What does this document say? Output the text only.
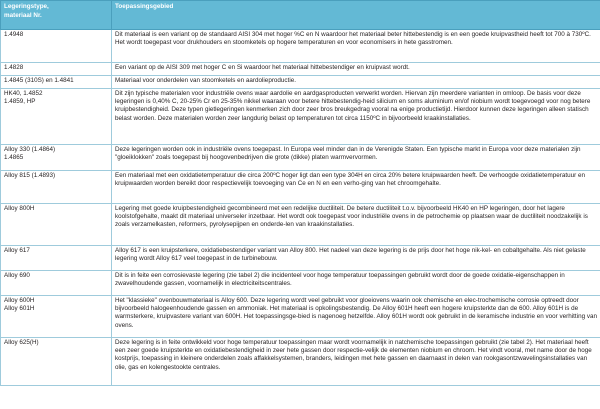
Legeringstype,
materiaal Nr.	Toepassingsgebied
1.4948	Dit materiaal is een variant op de standaard AISI 304 met hoger %C en N waardoor het materiaal beter hittebestendig is en een goede kruipvastheid heeft tot 700 à 730ºC. Het wordt toegepast voor drukhouders en stoomketels op hogere temperaturen en voor economisers in hete gasstromen.
1.4828	Een variant op de AISI 309 met hoger C en Si waardoor het materiaal hittebestendiger en kruipvast wordt.
1.4845 (310S) en 1.4841	Materiaal voor onderdelen van stoomketels en aardolieproductie.
HK40, 1.4852
1.4859, HP	Dit zijn typische materialen voor industriële ovens waar aardolie en aardgasproducten verwerkt worden. Hiervan zijn meerdere varianten in omloop. De basis voor deze legeringen is 0,40% C, 20-25% Cr en 25-35% nikkel waaraan voor betere hittebestendig-heid silicium en soms aluminium en/of niobium wordt toegevoegd voor nog betere kruipbestendigheid. Deze typen gietlegeringen kenmerken zich door zeer bros breukgedrag vooral na enige productietijd. Hierdoor kunnen deze legeringen alleen statisch belast worden. Deze materialen worden zeer langdurig belast op temperaturen tot circa 1150ºC in bijvoorbeeld kraakinstallaties.
Alloy 330 (1.4864)
1.4865	Deze legeringen worden ook in industriële ovens toegepast. In Europa veel minder dan in de Verenigde Staten. Een typische markt in Europa voor deze materialen zijn "gloeiklokken" zoals toegepast bij hoogovenbedrijven die grote (dikke) platen warmvervormen.
Alloy 815 (1.4893)	Een materiaal met een oxidatietemperatuur die circa 200ºC hoger ligt dan een type 304H en circa 20% betere kruipwaarden heeft. De verhoogde oxidatietemperatuur en kruipwaarden worden bereikt door respectievelijk toevoeging van Ce en N en een verho-ging van het chroomgehalte.
Alloy 800H	Legering met goede kruipbestendigheid gecombineerd met een redelijke ductiliteit. De betere ductiliteit t.o.v. bijvoorbeeld HK40 en HP legeringen, door het lagere koolstofgehalte, maakt dit materiaal universeler inzetbaar. Het wordt ook toegepast voor industriële ovens in de petrochemie op plaatsen waar de ductiliteit noodzakelijk is zoals verzamelkasten, reformers, pyrolysepijpen en onderde-len van kraakinstallaties.
Alloy 617	Alloy 617 is een kruipsterkere, oxidatiebestendiger variant van Alloy 800. Het nadeel van deze legering is de prijs door het hoge nik-kel- en cobaltgehalte. Als niet gelaste legering wordt Alloy 617 veel toegepast in de turbinebouw.
Alloy 690	Dit is in feite een corrosievaste legering (zie tabel 2) die incidenteel voor hoge temperatuur toepassingen gebruikt wordt door de goede oxidatie-eigenschappen in zwavelhoudende gassen, voornamelijk in electriciteitscentrales.
Alloy 600H
Alloy 601H	Het "klassieke" ovenbouwmateriaal is Alloy 600. Deze legering wordt veel gebruikt voor gloeiovens waarin ook chemische en elec-trochemische corrosie optreedt door bijvoorbeeld halogeenhoudende gassen en ammoniak. Het materiaal is opkolingsbestendig. De Alloy 601H heeft een hogere kruipsterkte dan de 600. Alloy 601H is de warmsterkere, kruipvastere variant van 600H. Het toepassingsge-bied is nagenoeg hetzelfde. Alloy 601H wordt ook gebruikt in de keramische industrie en voor verhitting van ovens.
Alloy 625(H)	Deze legering is in feite ontwikkeld voor hoge temperatuur toepassingen maar wordt voornamelijk in natchemische toepassingen gebruikt (zie tabel 2). Het materiaal heeft een zeer goede kruipsterkte en oxidatiebestendigheid in zeer hete gassen door respectie-velijk de elementen niobium en chroom. Het vindt vooral, met name door de hoge kostprijs, toepassing in kleinere onderdelen zoals affakkelsystemen, branders, leidingen met hete gassen en daarnaast in delen van rookgasontzwavelingsinstallaties van olie, gas en kolengestookte centrales.
